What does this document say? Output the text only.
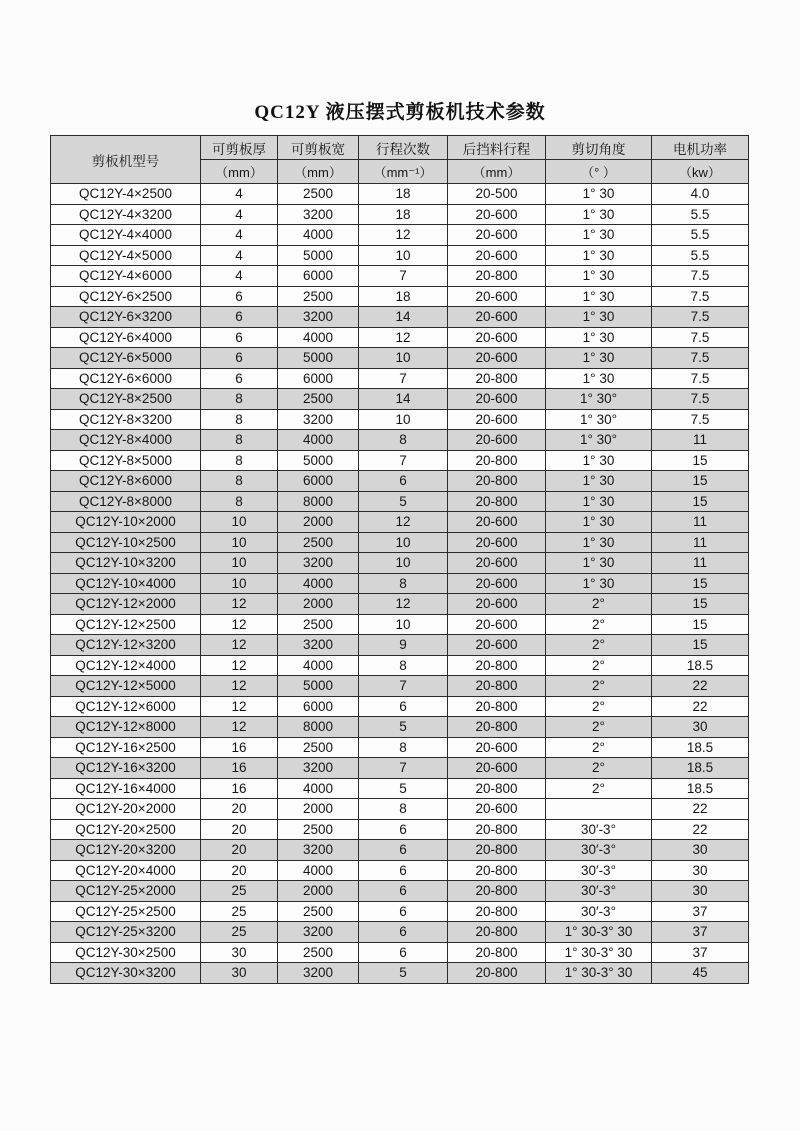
QC12Y 液压摆式剪板机技术参数
剪板机型号	可剪板厚	可剪板宽	行程次数	后挡料行程	剪切角度	电机功率
	（mm）	（mm）	（mm⁻¹）	（mm）	（° ）	（kw）
QC12Y-4×2500	4	2500	18	20-500	1° 30	4.0
QC12Y-4×3200	4	3200	18	20-600	1° 30	5.5
QC12Y-4×4000	4	4000	12	20-600	1° 30	5.5
QC12Y-4×5000	4	5000	10	20-600	1° 30	5.5
QC12Y-4×6000	4	6000	7	20-800	1° 30	7.5
QC12Y-6×2500	6	2500	18	20-600	1° 30	7.5
QC12Y-6×3200	6	3200	14	20-600	1° 30	7.5
QC12Y-6×4000	6	4000	12	20-600	1° 30	7.5
QC12Y-6×5000	6	5000	10	20-600	1° 30	7.5
QC12Y-6×6000	6	6000	7	20-800	1° 30	7.5
QC12Y-8×2500	8	2500	14	20-600	1° 30°	7.5
QC12Y-8×3200	8	3200	10	20-600	1° 30°	7.5
QC12Y-8×4000	8	4000	8	20-600	1° 30°	11
QC12Y-8×5000	8	5000	7	20-800	1° 30	15
QC12Y-8×6000	8	6000	6	20-800	1° 30	15
QC12Y-8×8000	8	8000	5	20-800	1° 30	15
QC12Y-10×2000	10	2000	12	20-600	1° 30	11
QC12Y-10×2500	10	2500	10	20-600	1° 30	11
QC12Y-10×3200	10	3200	10	20-600	1° 30	11
QC12Y-10×4000	10	4000	8	20-600	1° 30	15
QC12Y-12×2000	12	2000	12	20-600	2°	15
QC12Y-12×2500	12	2500	10	20-600	2°	15
QC12Y-12×3200	12	3200	9	20-600	2°	15
QC12Y-12×4000	12	4000	8	20-800	2°	18.5
QC12Y-12×5000	12	5000	7	20-800	2°	22
QC12Y-12×6000	12	6000	6	20-800	2°	22
QC12Y-12×8000	12	8000	5	20-800	2°	30
QC12Y-16×2500	16	2500	8	20-600	2°	18.5
QC12Y-16×3200	16	3200	7	20-600	2°	18.5
QC12Y-16×4000	16	4000	5	20-800	2°	18.5
QC12Y-20×2000	20	2000	8	20-600		22
QC12Y-20×2500	20	2500	6	20-800	30′-3°	22
QC12Y-20×3200	20	3200	6	20-800	30′-3°	30
QC12Y-20×4000	20	4000	6	20-800	30′-3°	30
QC12Y-25×2000	25	2000	6	20-800	30′-3°	30
QC12Y-25×2500	25	2500	6	20-800	30′-3°	37
QC12Y-25×3200	25	3200	6	20-800	1° 30-3° 30	37
QC12Y-30×2500	30	2500	6	20-800	1° 30-3° 30	37
QC12Y-30×3200	30	3200	5	20-800	1° 30-3° 30	45
